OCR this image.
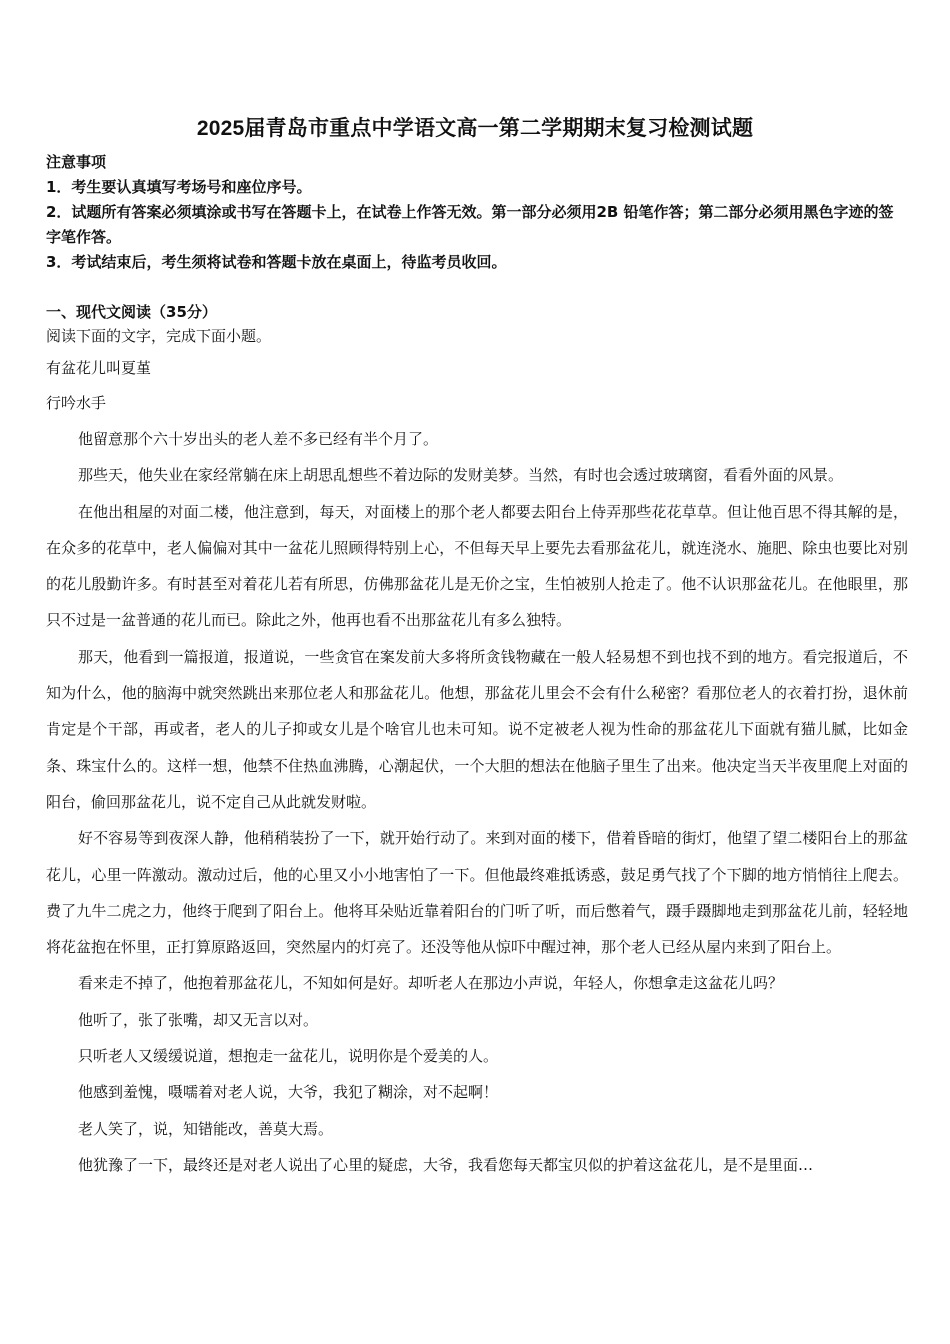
2025届青岛市重点中学语文高一第二学期期末复习检测试题

注意事项

1．考生要认真填写考场号和座位序号。

2．试题所有答案必须填涂或书写在答题卡上，在试卷上作答无效。第一部分必须用2B 铅笔作答；第二部分必须用黑色字迹的签字笔作答。

3．考试结束后，考生须将试卷和答题卡放在桌面上，待监考员收回。

一、现代文阅读（35分）
阅读下面的文字，完成下面小题。
有盆花儿叫夏堇
行吟水手

他留意那个六十岁出头的老人差不多已经有半个月了。

那些天，他失业在家经常躺在床上胡思乱想些不着边际的发财美梦。当然，有时也会透过玻璃窗，看看外面的风景。

在他出租屋的对面二楼，他注意到，每天，对面楼上的那个老人都要去阳台上侍弄那些花花草草。但让他百思不得其解的是，在众多的花草中，老人偏偏对其中一盆花儿照顾得特别上心，不但每天早上要先去看那盆花儿，就连浇水、施肥、除虫也要比对别的花儿殷勤许多。有时甚至对着花儿若有所思，仿佛那盆花儿是无价之宝，生怕被别人抢走了。他不认识那盆花儿。在他眼里，那只不过是一盆普通的花儿而已。除此之外，他再也看不出那盆花儿有多么独特。

那天，他看到一篇报道，报道说，一些贪官在案发前大多将所贪钱物藏在一般人轻易想不到也找不到的地方。看完报道后，不知为什么，他的脑海中就突然跳出来那位老人和那盆花儿。他想，那盆花儿里会不会有什么秘密？看那位老人的衣着打扮，退休前肯定是个干部，再或者，老人的儿子抑或女儿是个啥官儿也未可知。说不定被老人视为性命的那盆花儿下面就有猫儿腻，比如金条、珠宝什么的。这样一想，他禁不住热血沸腾，心潮起伏，一个大胆的想法在他脑子里生了出来。他决定当天半夜里爬上对面的阳台，偷回那盆花儿，说不定自己从此就发财啦。

好不容易等到夜深人静，他稍稍装扮了一下，就开始行动了。来到对面的楼下，借着昏暗的街灯，他望了望二楼阳台上的那盆花儿，心里一阵激动。激动过后，他的心里又小小地害怕了一下。但他最终难抵诱惑，鼓足勇气找了个下脚的地方悄悄往上爬去。费了九牛二虎之力，他终于爬到了阳台上。他将耳朵贴近靠着阳台的门听了听，而后憋着气，蹑手蹑脚地走到那盆花儿前，轻轻地将花盆抱在怀里，正打算原路返回，突然屋内的灯亮了。还没等他从惊吓中醒过神，那个老人已经从屋内来到了阳台上。

看来走不掉了，他抱着那盆花儿，不知如何是好。却听老人在那边小声说，年轻人，你想拿走这盆花儿吗？

他听了，张了张嘴，却又无言以对。

只听老人又缓缓说道，想抱走一盆花儿，说明你是个爱美的人。

他感到羞愧，嗫嚅着对老人说，大爷，我犯了糊涂，对不起啊！

老人笑了，说，知错能改，善莫大焉。

他犹豫了一下，最终还是对老人说出了心里的疑虑，大爷，我看您每天都宝贝似的护着这盆花儿，是不是里面…
